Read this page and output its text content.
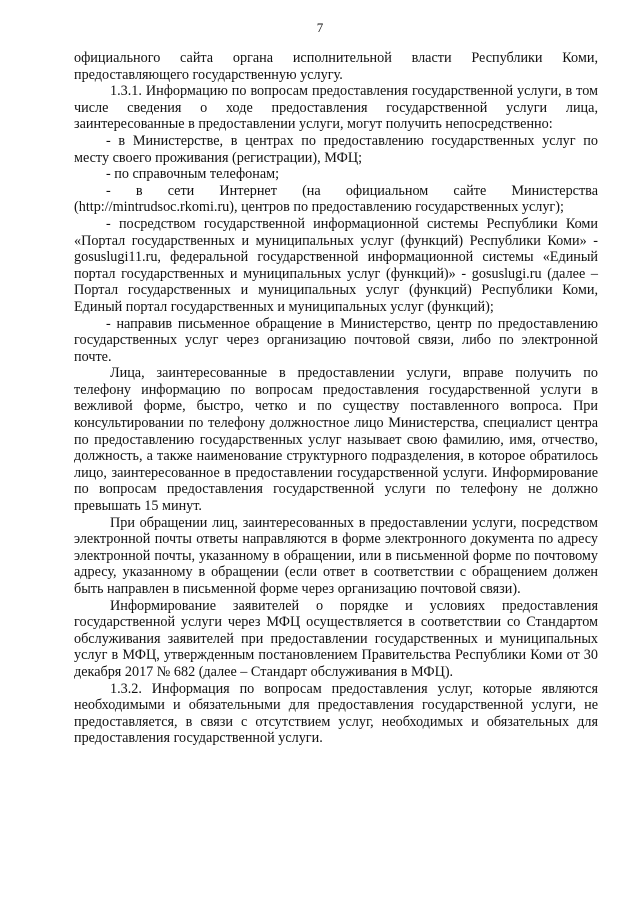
7

официального сайта органа исполнительной власти Республики Коми, предоставляющего государственную услугу.

1.3.1. Информацию по вопросам предоставления государственной услуги, в том числе сведения о ходе предоставления государственной услуги лица, заинтересованные в предоставлении услуги, могут получить непосредственно:

- в Министерстве, в центрах по предоставлению государственных услуг по месту своего проживания (регистрации), МФЦ;

- по справочным телефонам;

- в сети Интернет (на официальном сайте Министерства (http://mintrudsoc.rkomi.ru), центров по предоставлению государственных услуг);

- посредством государственной информационной системы Республики Коми «Портал государственных и муниципальных услуг (функций) Республики Коми» - gosuslugi11.ru, федеральной государственной информационной системы «Единый портал государственных и муниципальных услуг (функций)» - gosuslugi.ru (далее – Портал государственных и муниципальных услуг (функций) Республики Коми, Единый портал государственных и муниципальных услуг (функций);

- направив письменное обращение в Министерство, центр по предоставлению государственных услуг через организацию почтовой связи, либо по электронной почте.

Лица, заинтересованные в предоставлении услуги, вправе получить по телефону информацию по вопросам предоставления государственной услуги в вежливой форме, быстро, четко и по существу поставленного вопроса. При консультировании по телефону должностное лицо Министерства, специалист центра по предоставлению государственных услуг называет свою фамилию, имя, отчество, должность, а также наименование структурного подразделения, в которое обратилось лицо, заинтересованное в предоставлении государственной услуги. Информирование по вопросам предоставления государственной услуги по телефону не должно превышать 15 минут.

При обращении лиц, заинтересованных в предоставлении услуги, посредством электронной почты ответы направляются в форме электронного документа по адресу электронной почты, указанному в обращении, или в письменной форме по почтовому адресу, указанному в обращении (если ответ в соответствии с обращением должен быть направлен в письменной форме через организацию почтовой связи).

Информирование заявителей о порядке и условиях предоставления государственной услуги через МФЦ осуществляется в соответствии со Стандартом обслуживания заявителей при предоставлении государственных и муниципальных услуг в МФЦ, утвержденным постановлением Правительства Республики Коми от 30 декабря 2017 № 682 (далее – Стандарт обслуживания в МФЦ).

1.3.2. Информация по вопросам предоставления услуг, которые являются необходимыми и обязательными для предоставления государственной услуги, не предоставляется, в связи с отсутствием услуг, необходимых и обязательных для предоставления государственной услуги.
